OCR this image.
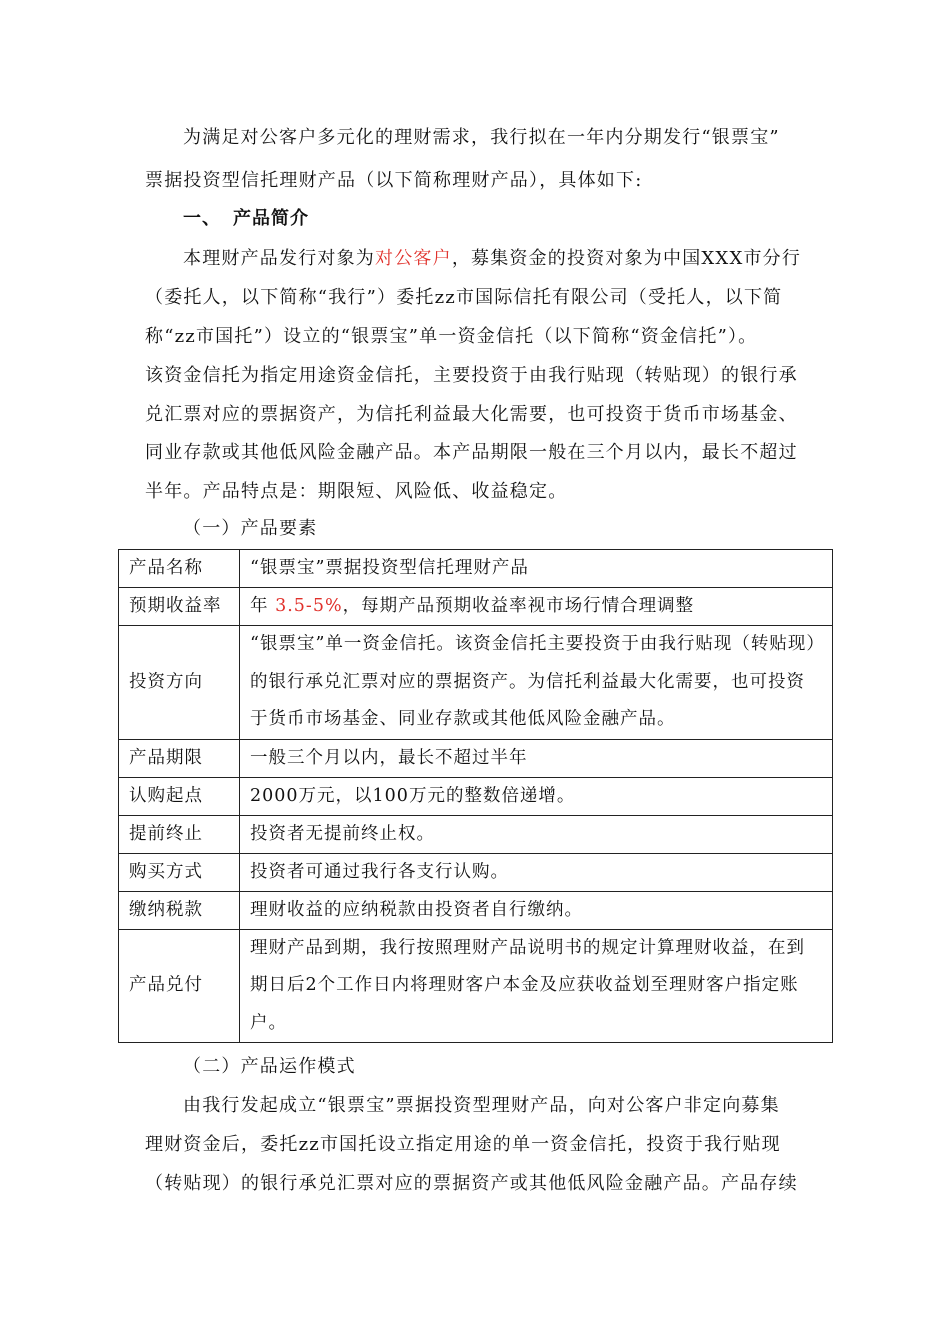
为满足对公客户多元化的理财需求，我行拟在一年内分期发行“银票宝”
票据投资型信托理财产品（以下简称理财产品），具体如下:
一、 产品简介
本理财产品发行对象为对公客户，募集资金的投资对象为中国XXX市分行
（委托人，以下简称“我行”）委托zz市国际信托有限公司（受托人，以下简
称“zz市国托”）设立的“银票宝”单一资金信托（以下简称“资金信托”）。
该资金信托为指定用途资金信托，主要投资于由我行贴现（转贴现）的银行承
兑汇票对应的票据资产，为信托利益最大化需要，也可投资于货币市场基金、
同业存款或其他低风险金融产品。本产品期限一般在三个月以内，最长不超过
半年。产品特点是：期限短、风险低、收益稳定。
（一）产品要素
产品名称	“银票宝”票据投资型信托理财产品
预期收益率	年 3.5-5%，每期产品预期收益率视市场行情合理调整
投资方向	“银票宝”单一资金信托。该资金信托主要投资于由我行贴现（转贴现）的银行承兑汇票对应的票据资产。为信托利益最大化需要，也可投资于货币市场基金、同业存款或其他低风险金融产品。
产品期限	一般三个月以内，最长不超过半年
认购起点	2000万元，以100万元的整数倍递增。
提前终止	投资者无提前终止权。
购买方式	投资者可通过我行各支行认购。
缴纳税款	理财收益的应纳税款由投资者自行缴纳。
产品兑付	理财产品到期，我行按照理财产品说明书的规定计算理财收益，在到期日后2个工作日内将理财客户本金及应获收益划至理财客户指定账户。
（二）产品运作模式
由我行发起成立“银票宝”票据投资型理财产品，向对公客户非定向募集
理财资金后，委托zz市国托设立指定用途的单一资金信托，投资于我行贴现
（转贴现）的银行承兑汇票对应的票据资产或其他低风险金融产品。产品存续
